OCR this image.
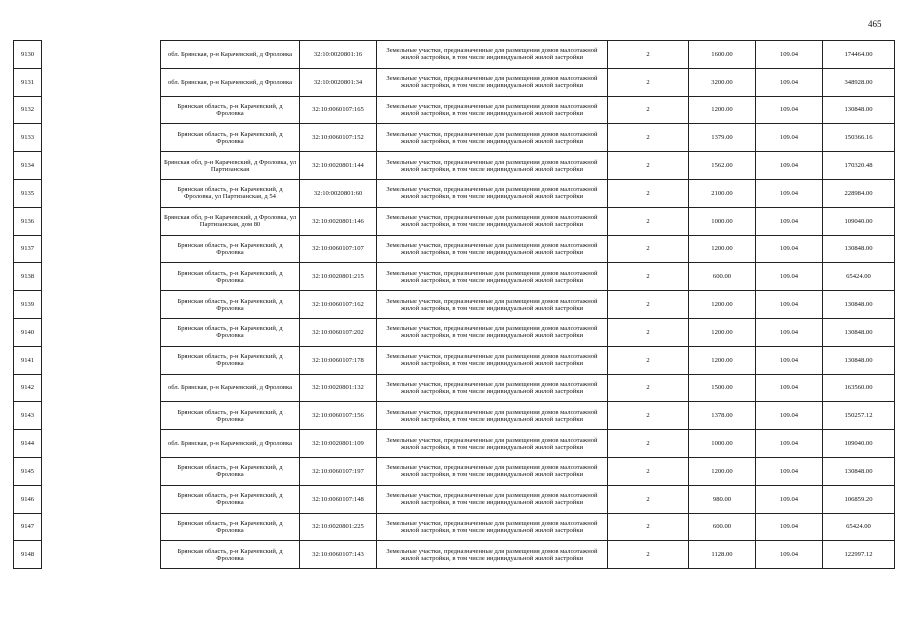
465
9130		обл. Брянская, р-н Карачевский, д Фроловка	32:10:0020801:16	Земельные участки, предназначенные для размещения домов малоэтажной жилой застройки, в том числе индивидуальной жилой застройки	2	1600.00	109.04	174464.00
9131		обл. Брянская, р-н Карачевский, д Фроловка	32:10:0020801:34	Земельные участки, предназначенные для размещения домов малоэтажной жилой застройки, в том числе индивидуальной жилой застройки	2	3200.00	109.04	348928.00
9132		Брянская область, р-н Карачевский, д Фроловка	32:10:0060107:165	Земельные участки, предназначенные для размещения домов малоэтажной жилой застройки, в том числе индивидуальной жилой застройки	2	1200.00	109.04	130848.00
9133		Брянская область, р-н Карачевский, д Фроловка	32:10:0060107:152	Земельные участки, предназначенные для размещения домов малоэтажной жилой застройки, в том числе индивидуальной жилой застройки	2	1379.00	109.04	150366.16
9134		Брянская обл, р-н Карачевский, д Фроловка, ул Партизанская	32:10:0020801:144	Земельные участки, предназначенные для размещения домов малоэтажной жилой застройки, в том числе индивидуальной жилой застройки	2	1562.00	109.04	170320.48
9135		Брянская область, р-н Карачевский, д Фроловка, ул Партизанская, д 54	32:10:0020801:60	Земельные участки, предназначенные для размещения домов малоэтажной жилой застройки, в том числе индивидуальной жилой застройки	2	2100.00	109.04	228984.00
9136		Брянская обл, р-н Карачевский, д Фроловка, ул Партизанская, дом 80	32:10:0020801:146	Земельные участки, предназначенные для размещения домов малоэтажной жилой застройки, в том числе индивидуальной жилой застройки	2	1000.00	109.04	109040.00
9137		Брянская область, р-н Карачевский, д Фроловка	32:10:0060107:107	Земельные участки, предназначенные для размещения домов малоэтажной жилой застройки, в том числе индивидуальной жилой застройки	2	1200.00	109.04	130848.00
9138		Брянская область, р-н Карачевский, д Фроловка	32:10:0020801:215	Земельные участки, предназначенные для размещения домов малоэтажной жилой застройки, в том числе индивидуальной жилой застройки	2	600.00	109.04	65424.00
9139		Брянская область, р-н Карачевский, д Фроловка	32:10:0060107:162	Земельные участки, предназначенные для размещения домов малоэтажной жилой застройки, в том числе индивидуальной жилой застройки	2	1200.00	109.04	130848.00
9140		Брянская область, р-н Карачевский, д Фроловка	32:10:0060107:202	Земельные участки, предназначенные для размещения домов малоэтажной жилой застройки, в том числе индивидуальной жилой застройки	2	1200.00	109.04	130848.00
9141		Брянская область, р-н Карачевский, д Фроловка	32:10:0060107:178	Земельные участки, предназначенные для размещения домов малоэтажной жилой застройки, в том числе индивидуальной жилой застройки	2	1200.00	109.04	130848.00
9142		обл. Брянская, р-н Карачевский, д Фроловка	32:10:0020801:132	Земельные участки, предназначенные для размещения домов малоэтажной жилой застройки, в том числе индивидуальной жилой застройки	2	1500.00	109.04	163560.00
9143		Брянская область, р-н Карачевский, д Фроловка	32:10:0060107:156	Земельные участки, предназначенные для размещения домов малоэтажной жилой застройки, в том числе индивидуальной жилой застройки	2	1378.00	109.04	150257.12
9144		обл. Брянская, р-н Карачевский, д Фроловка	32:10:0020801:109	Земельные участки, предназначенные для размещения домов малоэтажной жилой застройки, в том числе индивидуальной жилой застройки	2	1000.00	109.04	109040.00
9145		Брянская область, р-н Карачевский, д Фроловка	32:10:0060107:197	Земельные участки, предназначенные для размещения домов малоэтажной жилой застройки, в том числе индивидуальной жилой застройки	2	1200.00	109.04	130848.00
9146		Брянская область, р-н Карачевский, д Фроловка	32:10:0060107:148	Земельные участки, предназначенные для размещения домов малоэтажной жилой застройки, в том числе индивидуальной жилой застройки	2	980.00	109.04	106859.20
9147		Брянская область, р-н Карачевский, д Фроловка	32:10:0020801:225	Земельные участки, предназначенные для размещения домов малоэтажной жилой застройки, в том числе индивидуальной жилой застройки	2	600.00	109.04	65424.00
9148		Брянская область, р-н Карачевский, д Фроловка	32:10:0060107:143	Земельные участки, предназначенные для размещения домов малоэтажной жилой застройки, в том числе индивидуальной жилой застройки	2	1128.00	109.04	122997.12
